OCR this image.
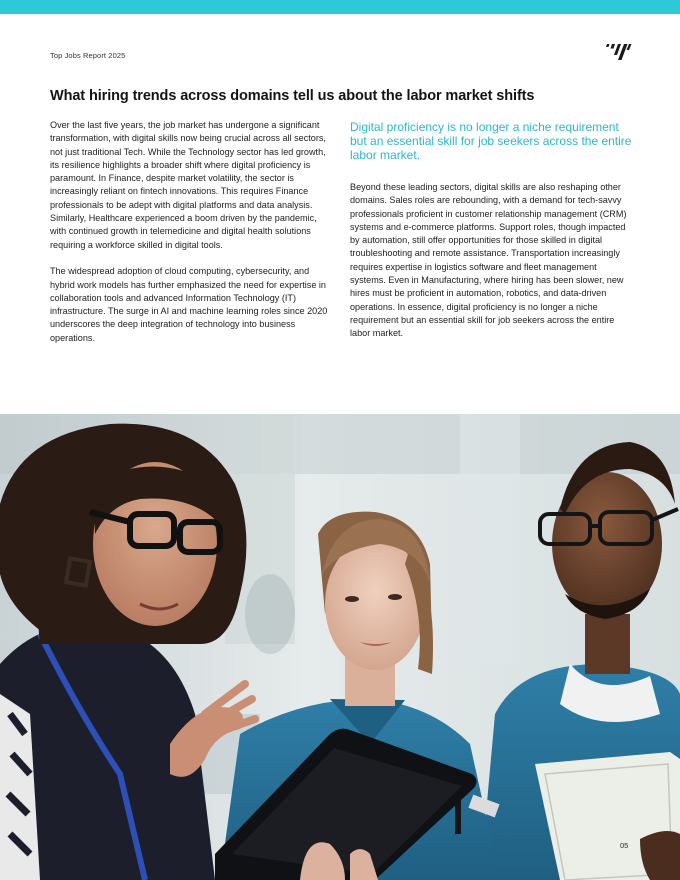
Top Jobs Report 2025
What hiring trends across domains tell us about the labor market shifts

Over the last five years, the job market has undergone a significant transformation, with digital skills now being crucial across all sectors, not just traditional Tech. While the Technology sector has led growth, its resilience highlights a broader shift where digital proficiency is paramount. In Finance, despite market volatility, the sector is increasingly reliant on fintech innovations. This requires Finance professionals to be adept with digital platforms and data analysis. Similarly, Healthcare experienced a boom driven by the pandemic, with continued growth in telemedicine and digital health solutions requiring a workforce skilled in digital tools.

The widespread adoption of cloud computing, cybersecurity, and hybrid work models has further emphasized the need for expertise in collaboration tools and advanced Information Technology (IT) infrastructure. The surge in AI and machine learning roles since 2020 underscores the deep integration of technology into business operations.

Digital proficiency is no longer a niche requirement but an essential skill for job seekers across the entire labor market.

Beyond these leading sectors, digital skills are also reshaping other domains. Sales roles are rebounding, with a demand for tech-savvy professionals proficient in customer relationship management (CRM) systems and e-commerce platforms. Support roles, though impacted by automation, still offer opportunities for those skilled in digital troubleshooting and remote assistance. Transportation increasingly requires expertise in logistics software and fleet management systems. Even in Manufacturing, where hiring has been slower, new hires must be proficient in automation, robotics, and data-driven operations. In essence, digital proficiency is no longer a niche requirement but an essential skill for job seekers across the entire labor market.

05
